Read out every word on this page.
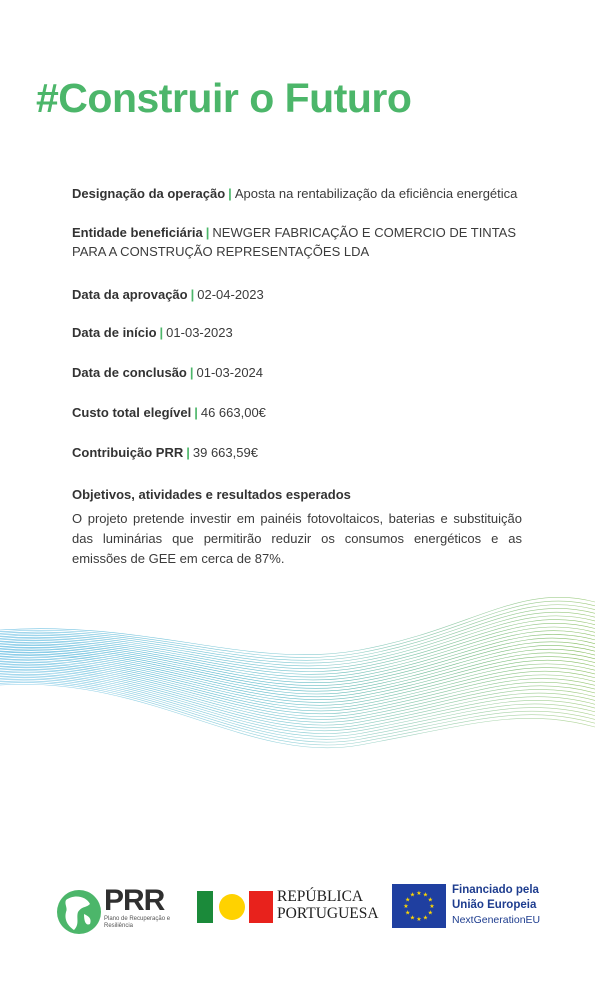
#Construir o Futuro

Designação da operação | Aposta na rentabilização da eficiência energética

Entidade beneficiária | NEWGER FABRICAÇÃO E COMERCIO DE TINTAS PARA A CONSTRUÇÃO REPRESENTAÇÕES LDA

Data da aprovação | 02-04-2023

Data de início | 01-03-2023

Data de conclusão | 01-03-2024

Custo total elegível | 46 663,00€

Contribuição PRR | 39 663,59€

Objetivos, atividades e resultados esperados

O projeto pretende investir em painéis fotovoltaicos, baterias e substituição das luminárias que permitirão reduzir os consumos energéticos e as emissões de GEE em cerca de 87%.

PRR
Plano de Recuperação e Resiliência
REPÚBLICA
PORTUGUESA	★
★
★
★
★
★
★
★
★ ★ ★
★
Financiado pela
União Europeia
NextGenerationEU
